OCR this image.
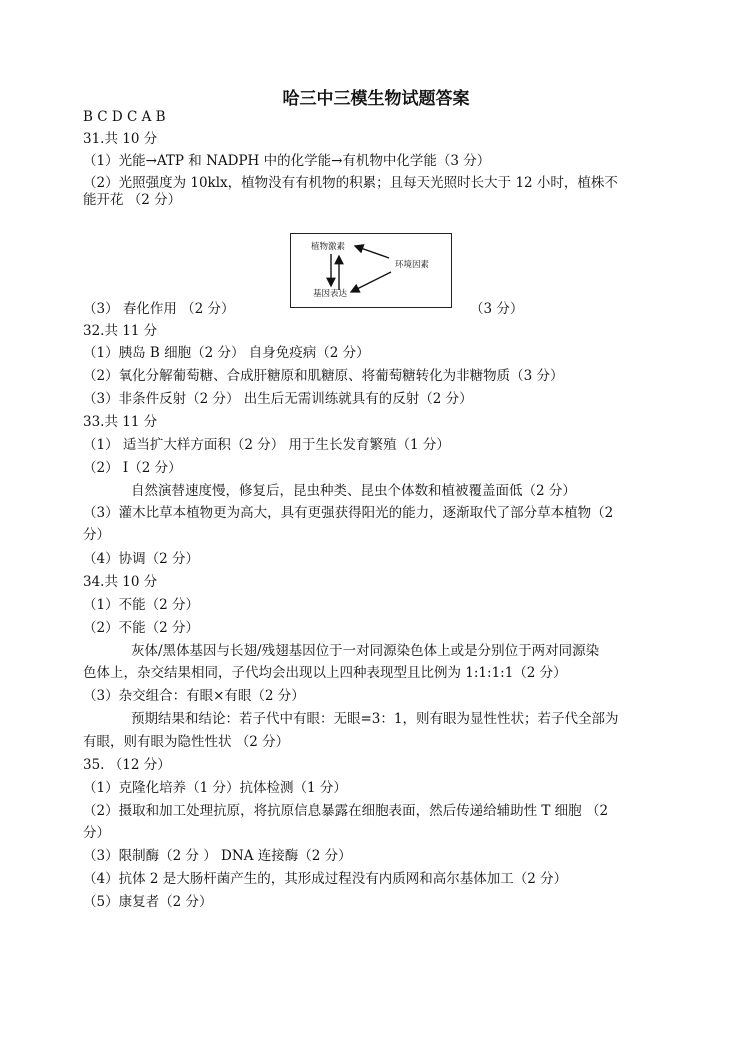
哈三中三模生物试题答案
B C D C A B
31.共 10 分
（1）光能→ATP 和 NADPH 中的化学能→有机物中化学能（3 分）
（2）光照强度为 10klx，植物没有有机物的积累；且每天光照时长大于 12 小时，植株不
能开花 （2 分）
植物激素
环境因素
基因表达
（3） 春化作用 （2 分）	（3 分）
32.共 11 分
（1）胰岛 B 细胞（2 分） 自身免疫病（2 分）
（2）氧化分解葡萄糖、合成肝糖原和肌糖原、将葡萄糖转化为非糖物质（3 分）
（3）非条件反射（2 分） 出生后无需训练就具有的反射（2 分）
33.共 11 分
（1） 适当扩大样方面积（2 分） 用于生长发育繁殖（1 分）
（2） Ⅰ（2 分）
自然演替速度慢，修复后，昆虫种类、昆虫个体数和植被覆盖面低（2 分）
（3）灌木比草本植物更为高大，具有更强获得阳光的能力，逐渐取代了部分草本植物（2
分）
（4）协调（2 分）
34.共 10 分
（1）不能（2 分）
（2）不能（2 分）
灰体/黑体基因与长翅/残翅基因位于一对同源染色体上或是分别位于两对同源染
色体上，杂交结果相同，子代均会出现以上四种表现型且比例为 1:1:1:1（2 分）
（3）杂交组合：有眼×有眼（2 分）
预期结果和结论：若子代中有眼：无眼=3：1，则有眼为显性性状；若子代全部为
有眼，则有眼为隐性性状 （2 分）
35. （12 分）
（1）克隆化培养（1 分）抗体检测（1 分）
（2）摄取和加工处理抗原，将抗原信息暴露在细胞表面，然后传递给辅助性 T 细胞 （2
分）
（3）限制酶（2 分 ） DNA 连接酶（2 分）
（4）抗体 2 是大肠杆菌产生的，其形成过程没有内质网和高尔基体加工（2 分）
（5）康复者（2 分）
